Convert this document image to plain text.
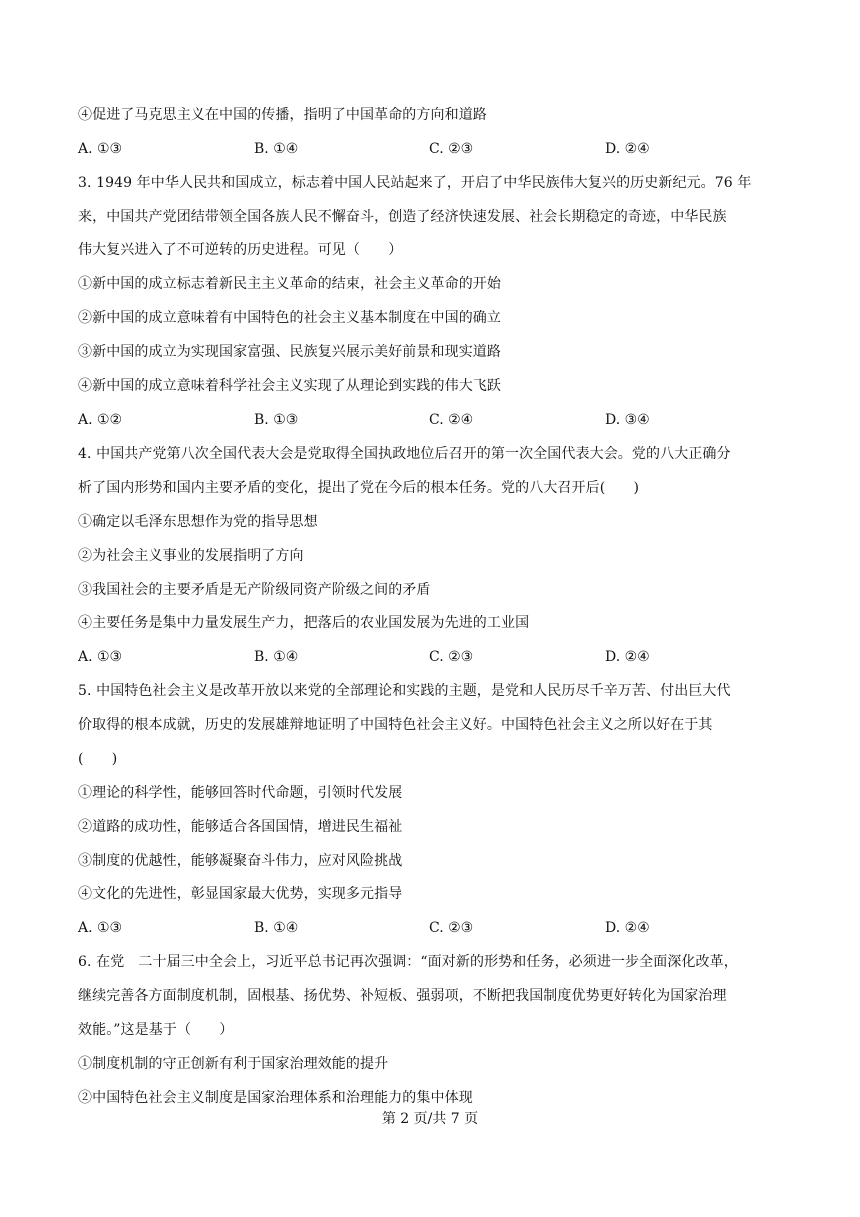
④促进了马克思主义在中国的传播，指明了中国革命的方向和道路
A. ①③	B. ①④	C. ②③	D. ②④
3. 1949 年中华人民共和国成立，标志着中国人民站起来了，开启了中华民族伟大复兴的历史新纪元。76 年
来，中国共产党团结带领全国各族人民不懈奋斗，创造了经济快速发展、社会长期稳定的奇迹，中华民族
伟大复兴进入了不可逆转的历史进程。可见（　　）
①新中国的成立标志着新民主主义革命的结束，社会主义革命的开始
②新中国的成立意味着有中国特色的社会主义基本制度在中国的确立
③新中国的成立为实现国家富强、民族复兴展示美好前景和现实道路
④新中国的成立意味着科学社会主义实现了从理论到实践的伟大飞跃
A. ①②	B. ①③	C. ②④	D. ③④
4. 中国共产党第八次全国代表大会是党取得全国执政地位后召开的第一次全国代表大会。党的八大正确分
析了国内形势和国内主要矛盾的变化，提出了党在今后的根本任务。党的八大召开后(　　)
①确定以毛泽东思想作为党的指导思想
②为社会主义事业的发展指明了方向
③我国社会的主要矛盾是无产阶级同资产阶级之间的矛盾
④主要任务是集中力量发展生产力，把落后的农业国发展为先进的工业国
A. ①③	B. ①④	C. ②③	D. ②④
5. 中国特色社会主义是改革开放以来党的全部理论和实践的主题，是党和人民历尽千辛万苦、付出巨大代
价取得的根本成就，历史的发展雄辩地证明了中国特色社会主义好。中国特色社会主义之所以好在于其
(　　)
①理论的科学性，能够回答时代命题，引领时代发展
②道路的成功性，能够适合各国国情，增进民生福祉
③制度的优越性，能够凝聚奋斗伟力，应对风险挑战
④文化的先进性，彰显国家最大优势，实现多元指导
A. ①③	B. ①④	C. ②③	D. ②④
6. 在党　二十届三中全会上，习近平总书记再次强调：“面对新的形势和任务，必须进一步全面深化改革，
继续完善各方面制度机制，固根基、扬优势、补短板、强弱项，不断把我国制度优势更好转化为国家治理
效能。”这是基于（　　）
①制度机制的守正创新有利于国家治理效能的提升
②中国特色社会主义制度是国家治理体系和治理能力的集中体现
第 2 页/共 7 页
